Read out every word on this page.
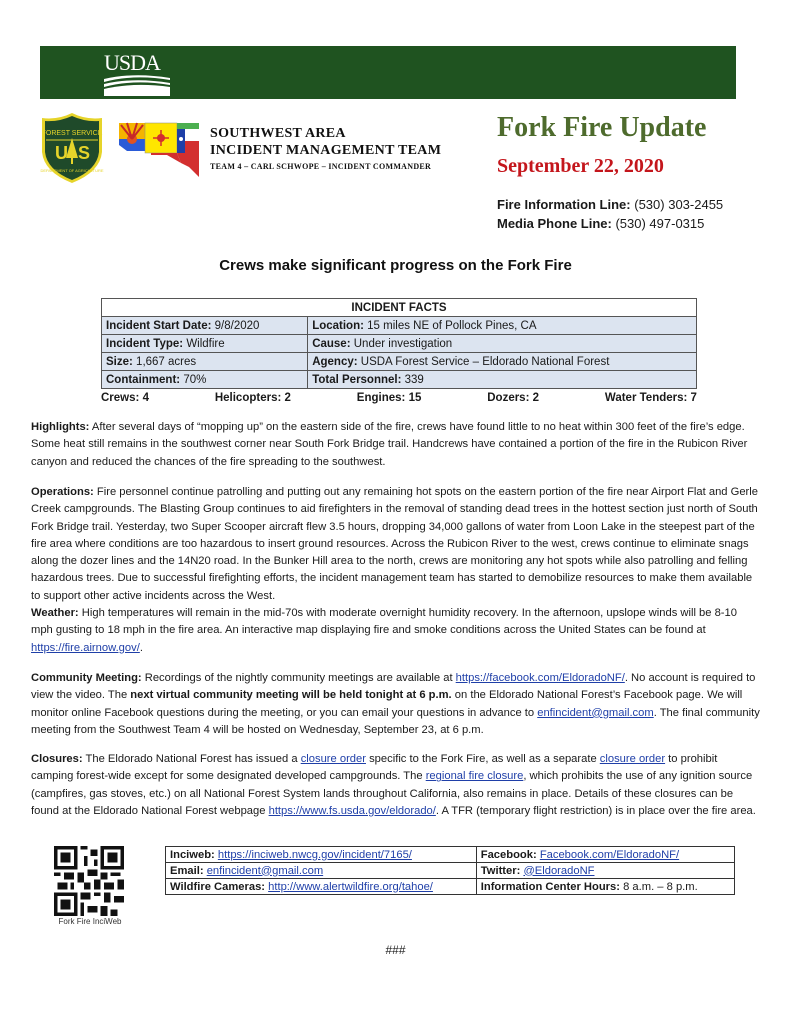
USDA
FOREST SERVICE
U S
DEPARTMENT OF AGRICULTURE
SOUTHWEST AREA
INCIDENT MANAGEMENT TEAM
TEAM 4 – CARL SCHWOPE – INCIDENT COMMANDER
Fork Fire Update
September 22, 2020
Fire Information Line: (530) 303-2455
Media Phone Line: (530) 497-0315
Crews make significant progress on the Fork Fire
INCIDENT FACTS	
Incident Start Date: 9/8/2020	Location: 15 miles NE of Pollock Pines, CA
Incident Type: Wildfire	Cause: Under investigation
Size: 1,667 acres	Agency: USDA Forest Service – Eldorado National Forest
Containment: 70%	Total Personnel: 339
Crews: 4	Helicopters: 2	Engines: 15	Dozers: 2	Water Tenders: 7
Highlights: After several days of “mopping up” on the eastern side of the fire, crews have found little to no heat within 300 feet of the fire’s edge. Some heat still remains in the southwest corner near South Fork Bridge trail. Handcrews have contained a portion of the fire in the Rubicon River canyon and reduced the chances of the fire spreading to the southwest.
Operations: Fire personnel continue patrolling and putting out any remaining hot spots on the eastern portion of the fire near Airport Flat and Gerle Creek campgrounds. The Blasting Group continues to aid firefighters in the removal of standing dead trees in the hottest section just north of South Fork Bridge trail. Yesterday, two Super Scooper aircraft flew 3.5 hours, dropping 34,000 gallons of water from Loon Lake in the steepest part of the fire area where conditions are too hazardous to insert ground resources. Across the Rubicon River to the west, crews continue to eliminate snags along the dozer lines and the 14N20 road. In the Bunker Hill area to the north, crews are monitoring any hot spots while also patrolling and felling hazardous trees. Due to successful firefighting efforts, the incident management team has started to demobilize resources to make them available to support other active incidents across the West.
Weather: High temperatures will remain in the mid-70s with moderate overnight humidity recovery. In the afternoon, upslope winds will be 8-10 mph gusting to 18 mph in the fire area. An interactive map displaying fire and smoke conditions across the United States can be found at https://fire.airnow.gov/.
Community Meeting: Recordings of the nightly community meetings are available at https://facebook.com/EldoradoNF/. No account is required to view the video. The next virtual community meeting will be held tonight at 6 p.m. on the Eldorado National Forest’s Facebook page. We will monitor online Facebook questions during the meeting, or you can email your questions in advance to enfincident@gmail.com. The final community meeting from the Southwest Team 4 will be hosted on Wednesday, September 23, at 6 p.m.
Closures: The Eldorado National Forest has issued a closure order specific to the Fork Fire, as well as a separate closure order to prohibit camping forest-wide except for some designated developed campgrounds. The regional fire closure, which prohibits the use of any ignition source (campfires, gas stoves, etc.) on all National Forest System lands throughout California, also remains in place. Details of these closures can be found at the Eldorado National Forest webpage https://www.fs.usda.gov/eldorado/. A TFR (temporary flight restriction) is in place over the fire area.
Fork Fire InciWeb
Inciweb: https://inciweb.nwcg.gov/incident/7165/	Facebook: Facebook.com/EldoradoNF/
Email: enfincident@gmail.com	Twitter: @EldoradoNF
Wildfire Cameras: http://www.alertwildfire.org/tahoe/	Information Center Hours: 8 a.m. – 8 p.m.
###
